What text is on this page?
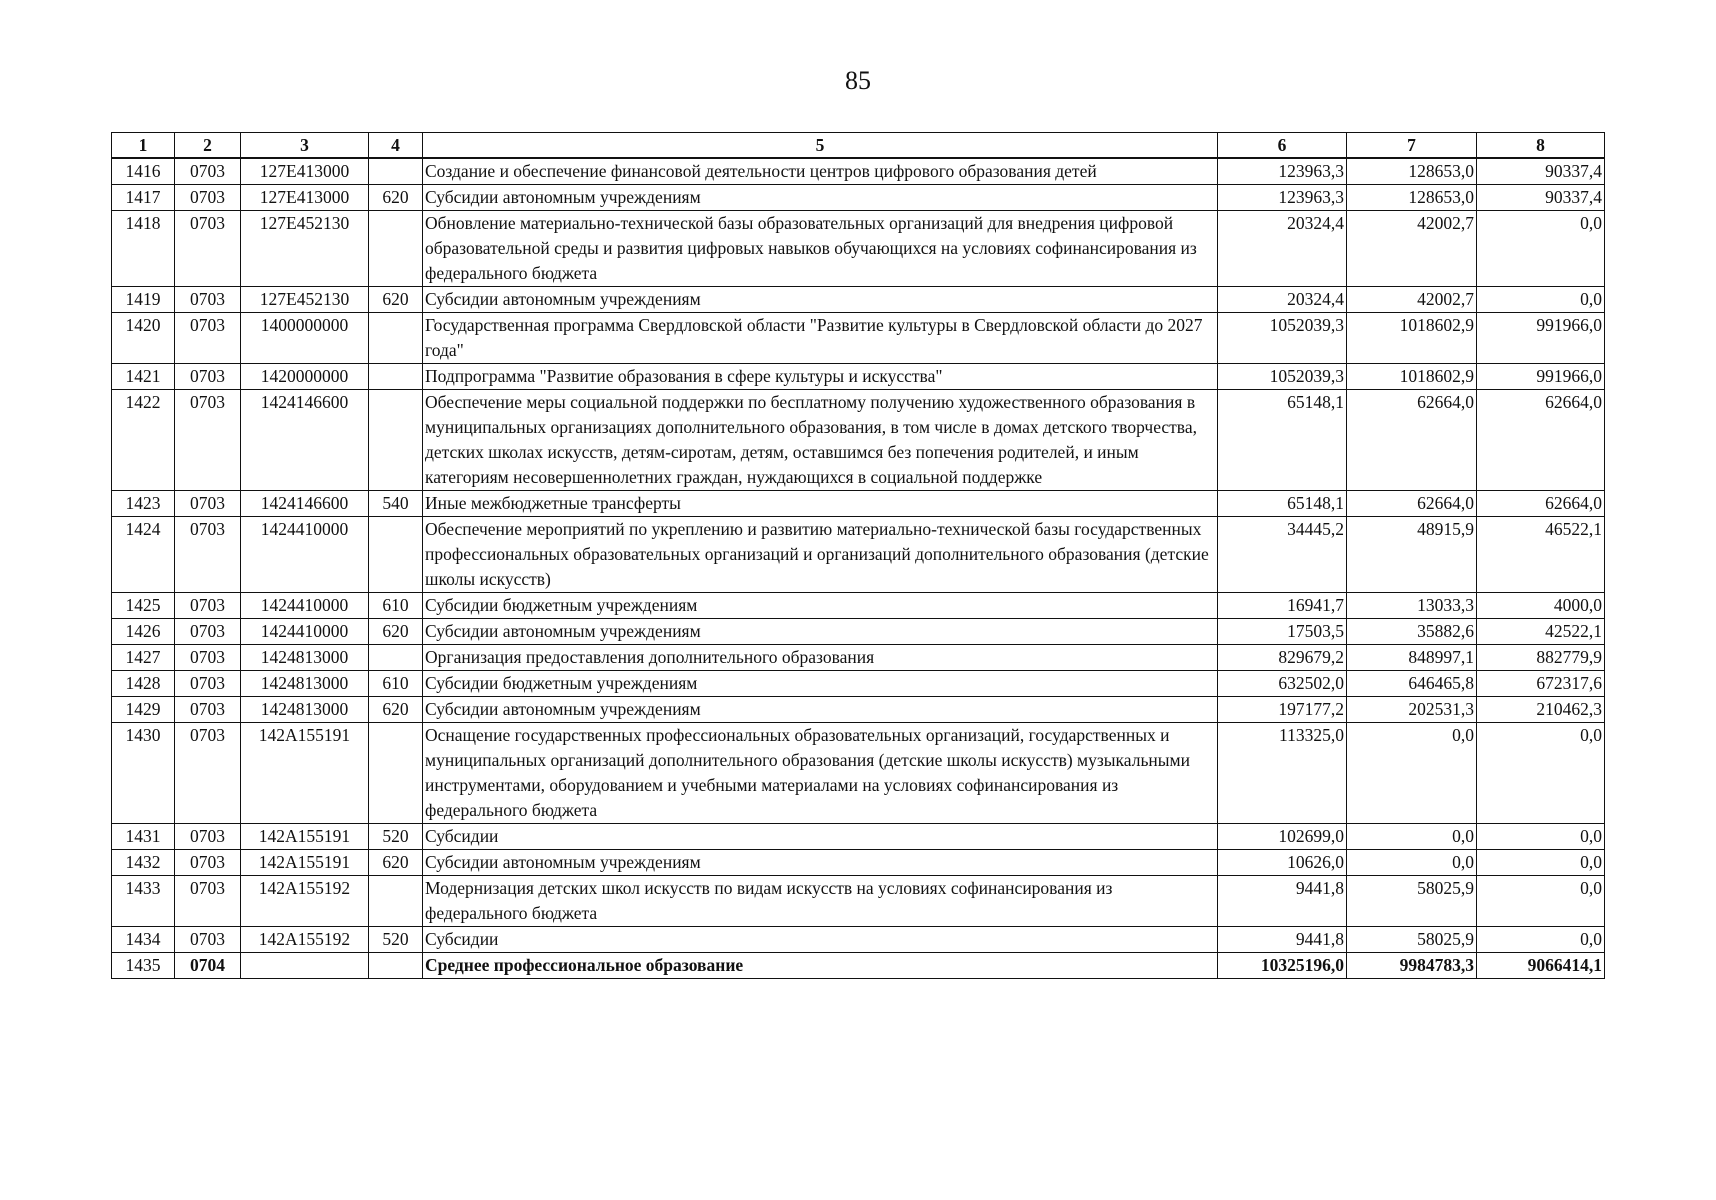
85
1	2	3	4	5	6	7	8
1416	0703	127E413000		Создание и обеспечение финансовой деятельности центров цифрового образования детей	123963,3	128653,0	90337,4
1417	0703	127E413000	620	Субсидии автономным учреждениям	123963,3	128653,0	90337,4
1418	0703	127E452130		Обновление материально-технической базы образовательных организаций для внедрения цифровой образовательной среды и развития цифровых навыков обучающихся на условиях софинансирования из федерального бюджета	20324,4	42002,7	0,0
1419	0703	127E452130	620	Субсидии автономным учреждениям	20324,4	42002,7	0,0
1420	0703	1400000000		Государственная программа Свердловской области "Развитие культуры в Свердловской области до 2027 года"	1052039,3	1018602,9	991966,0
1421	0703	1420000000		Подпрограмма "Развитие образования в сфере культуры и искусства"	1052039,3	1018602,9	991966,0
1422	0703	1424146600		Обеспечение меры социальной поддержки по бесплатному получению художественного образования в муниципальных организациях дополнительного образования, в том числе в домах детского творчества, детских школах искусств, детям-сиротам, детям, оставшимся без попечения родителей, и иным категориям несовершеннолетних граждан, нуждающихся в социальной поддержке	65148,1	62664,0	62664,0
1423	0703	1424146600	540	Иные межбюджетные трансферты	65148,1	62664,0	62664,0
1424	0703	1424410000		Обеспечение мероприятий по укреплению и развитию материально-технической базы государственных профессиональных образовательных организаций и организаций дополнительного образования (детские школы искусств)	34445,2	48915,9	46522,1
1425	0703	1424410000	610	Субсидии бюджетным учреждениям	16941,7	13033,3	4000,0
1426	0703	1424410000	620	Субсидии автономным учреждениям	17503,5	35882,6	42522,1
1427	0703	1424813000		Организация предоставления дополнительного образования	829679,2	848997,1	882779,9
1428	0703	1424813000	610	Субсидии бюджетным учреждениям	632502,0	646465,8	672317,6
1429	0703	1424813000	620	Субсидии автономным учреждениям	197177,2	202531,3	210462,3
1430	0703	142A155191		Оснащение государственных профессиональных образовательных организаций, государственных и муниципальных организаций дополнительного образования (детские школы искусств) музыкальными инструментами, оборудованием и учебными материалами на условиях софинансирования из федерального бюджета	113325,0	0,0	0,0
1431	0703	142A155191	520	Субсидии	102699,0	0,0	0,0
1432	0703	142A155191	620	Субсидии автономным учреждениям	10626,0	0,0	0,0
1433	0703	142A155192		Модернизация детских школ искусств по видам искусств на условиях софинансирования из федерального бюджета	9441,8	58025,9	0,0
1434	0703	142A155192	520	Субсидии	9441,8	58025,9	0,0
1435	0704			Среднее профессиональное образование	10325196,0	9984783,3	9066414,1
